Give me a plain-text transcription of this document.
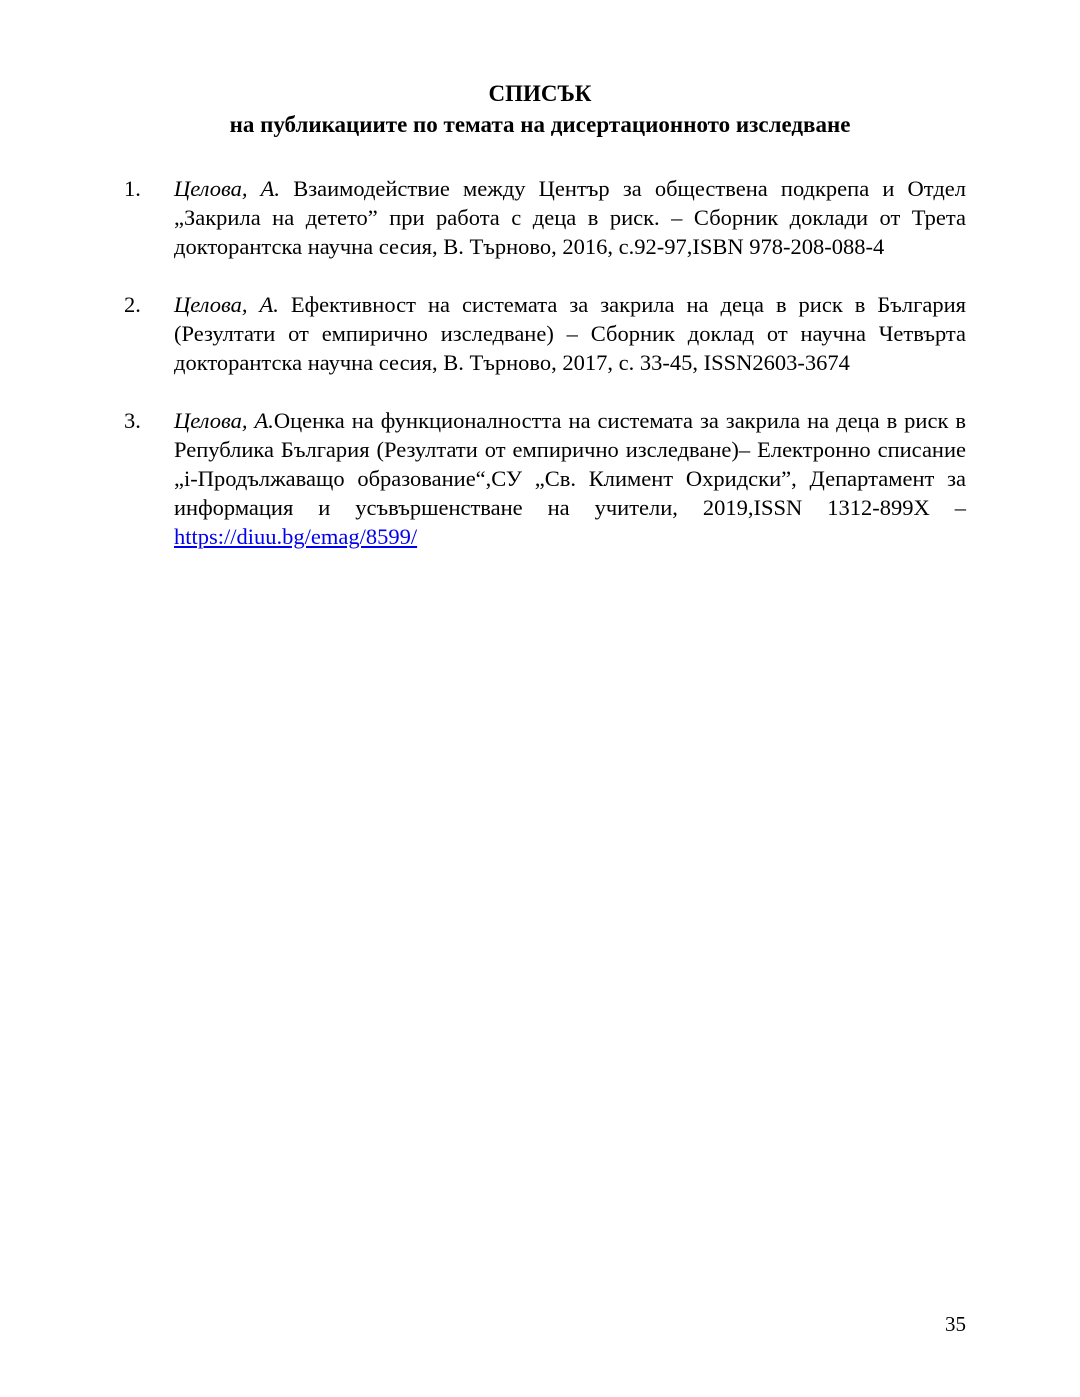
СПИСЪК

на публикациите по темата на дисертационното изследване

1. Целова, А. Взаимодействие между Център за обществена подкрепа и Отдел „Закрила на детето” при работа с деца в риск. – Сборник доклади от Трета докторантска научна сесия, В. Търново, 2016, с.92-97,ISBN 978-208-088-4
2. Целова, А. Ефективност на системата за закрила на деца в риск в България (Резултати от емпирично изследване) – Сборник доклад от научна Четвърта докторантска научна сесия, В. Търново, 2017, с. 33-45, ISSN2603-3674
3. Целова, А.Оценка на функционалността на системата за закрила на деца в риск в Република България (Резултати от емпирично изследване)– Електронно списание „i-Продължаващо образование“,СУ „Св. Климент Охридски”, Департамент за информация и усъвършенстване на учители, 2019,ISSN 1312-899X – https://diuu.bg/emag/8599/
35
